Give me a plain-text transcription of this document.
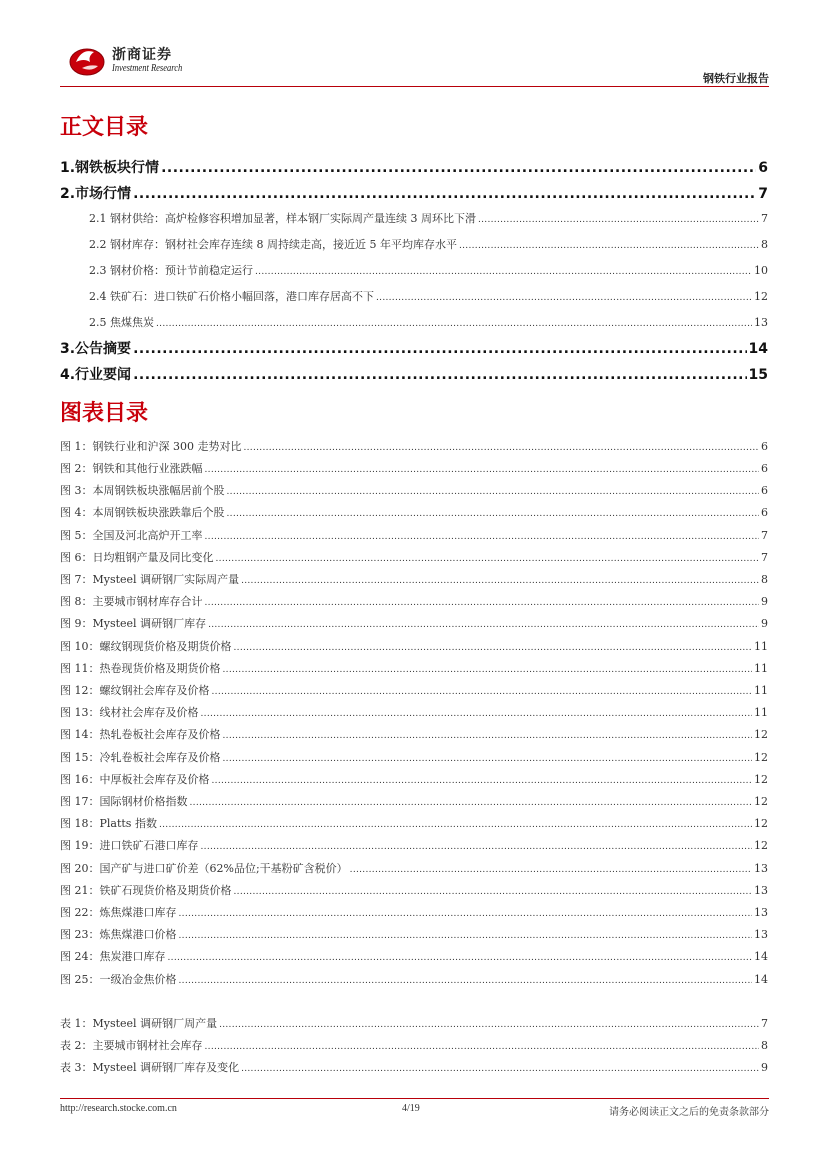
浙商证券
Investment Research
钢铁行业报告
正文目录
1.钢铁板块行情 .....	6
2.市场行情 .....	7
2.1 钢材供给：高炉检修容积增加显著，样本钢厂实际周产量连续 3 周环比下滑 .....	7
2.2 钢材库存：钢材社会库存连续 8 周持续走高，接近近 5 年平均库存水平 .....	8
2.3 钢材价格：预计节前稳定运行 .....	10
2.4 铁矿石：进口铁矿石价格小幅回落，港口库存居高不下 .....	12
2.5 焦煤焦炭 .....	13
3.公告摘要 .....	14
4.行业要闻 .....	15
图表目录
图 1：钢铁行业和沪深 300 走势对比 .....	6
图 2：钢铁和其他行业涨跌幅 .....	6
图 3：本周钢铁板块涨幅居前个股 .....	6
图 4：本周钢铁板块涨跌靠后个股 .....	6
图 5：全国及河北高炉开工率 .....	7
图 6：日均粗钢产量及同比变化 .....	7
图 7：Mysteel 调研钢厂实际周产量 .....	8
图 8：主要城市钢材库存合计 .....	9
图 9：Mysteel 调研钢厂库存 .....	9
图 10：螺纹钢现货价格及期货价格 .....	11
图 11：热卷现货价格及期货价格 .....	11
图 12：螺纹钢社会库存及价格 .....	11
图 13：线材社会库存及价格 .....	11
图 14：热轧卷板社会库存及价格 .....	12
图 15：冷轧卷板社会库存及价格 .....	12
图 16：中厚板社会库存及价格 .....	12
图 17：国际钢材价格指数 .....	12
图 18：Platts 指数 .....	12
图 19：进口铁矿石港口库存 .....	12
图 20：国产矿与进口矿价差（62%品位;干基粉矿含税价） .....	13
图 21：铁矿石现货价格及期货价格 .....	13
图 22：炼焦煤港口库存 .....	13
图 23：炼焦煤港口价格 .....	13
图 24：焦炭港口库存 .....	14
图 25：一级冶金焦价格 .....	14
表 1：Mysteel 调研钢厂周产量 .....	7
表 2：主要城市钢材社会库存 .....	8
表 3：Mysteel 调研钢厂库存及变化 .....	9
http://research.stocke.com.cn	4/19	请务必阅读正文之后的免责条款部分
